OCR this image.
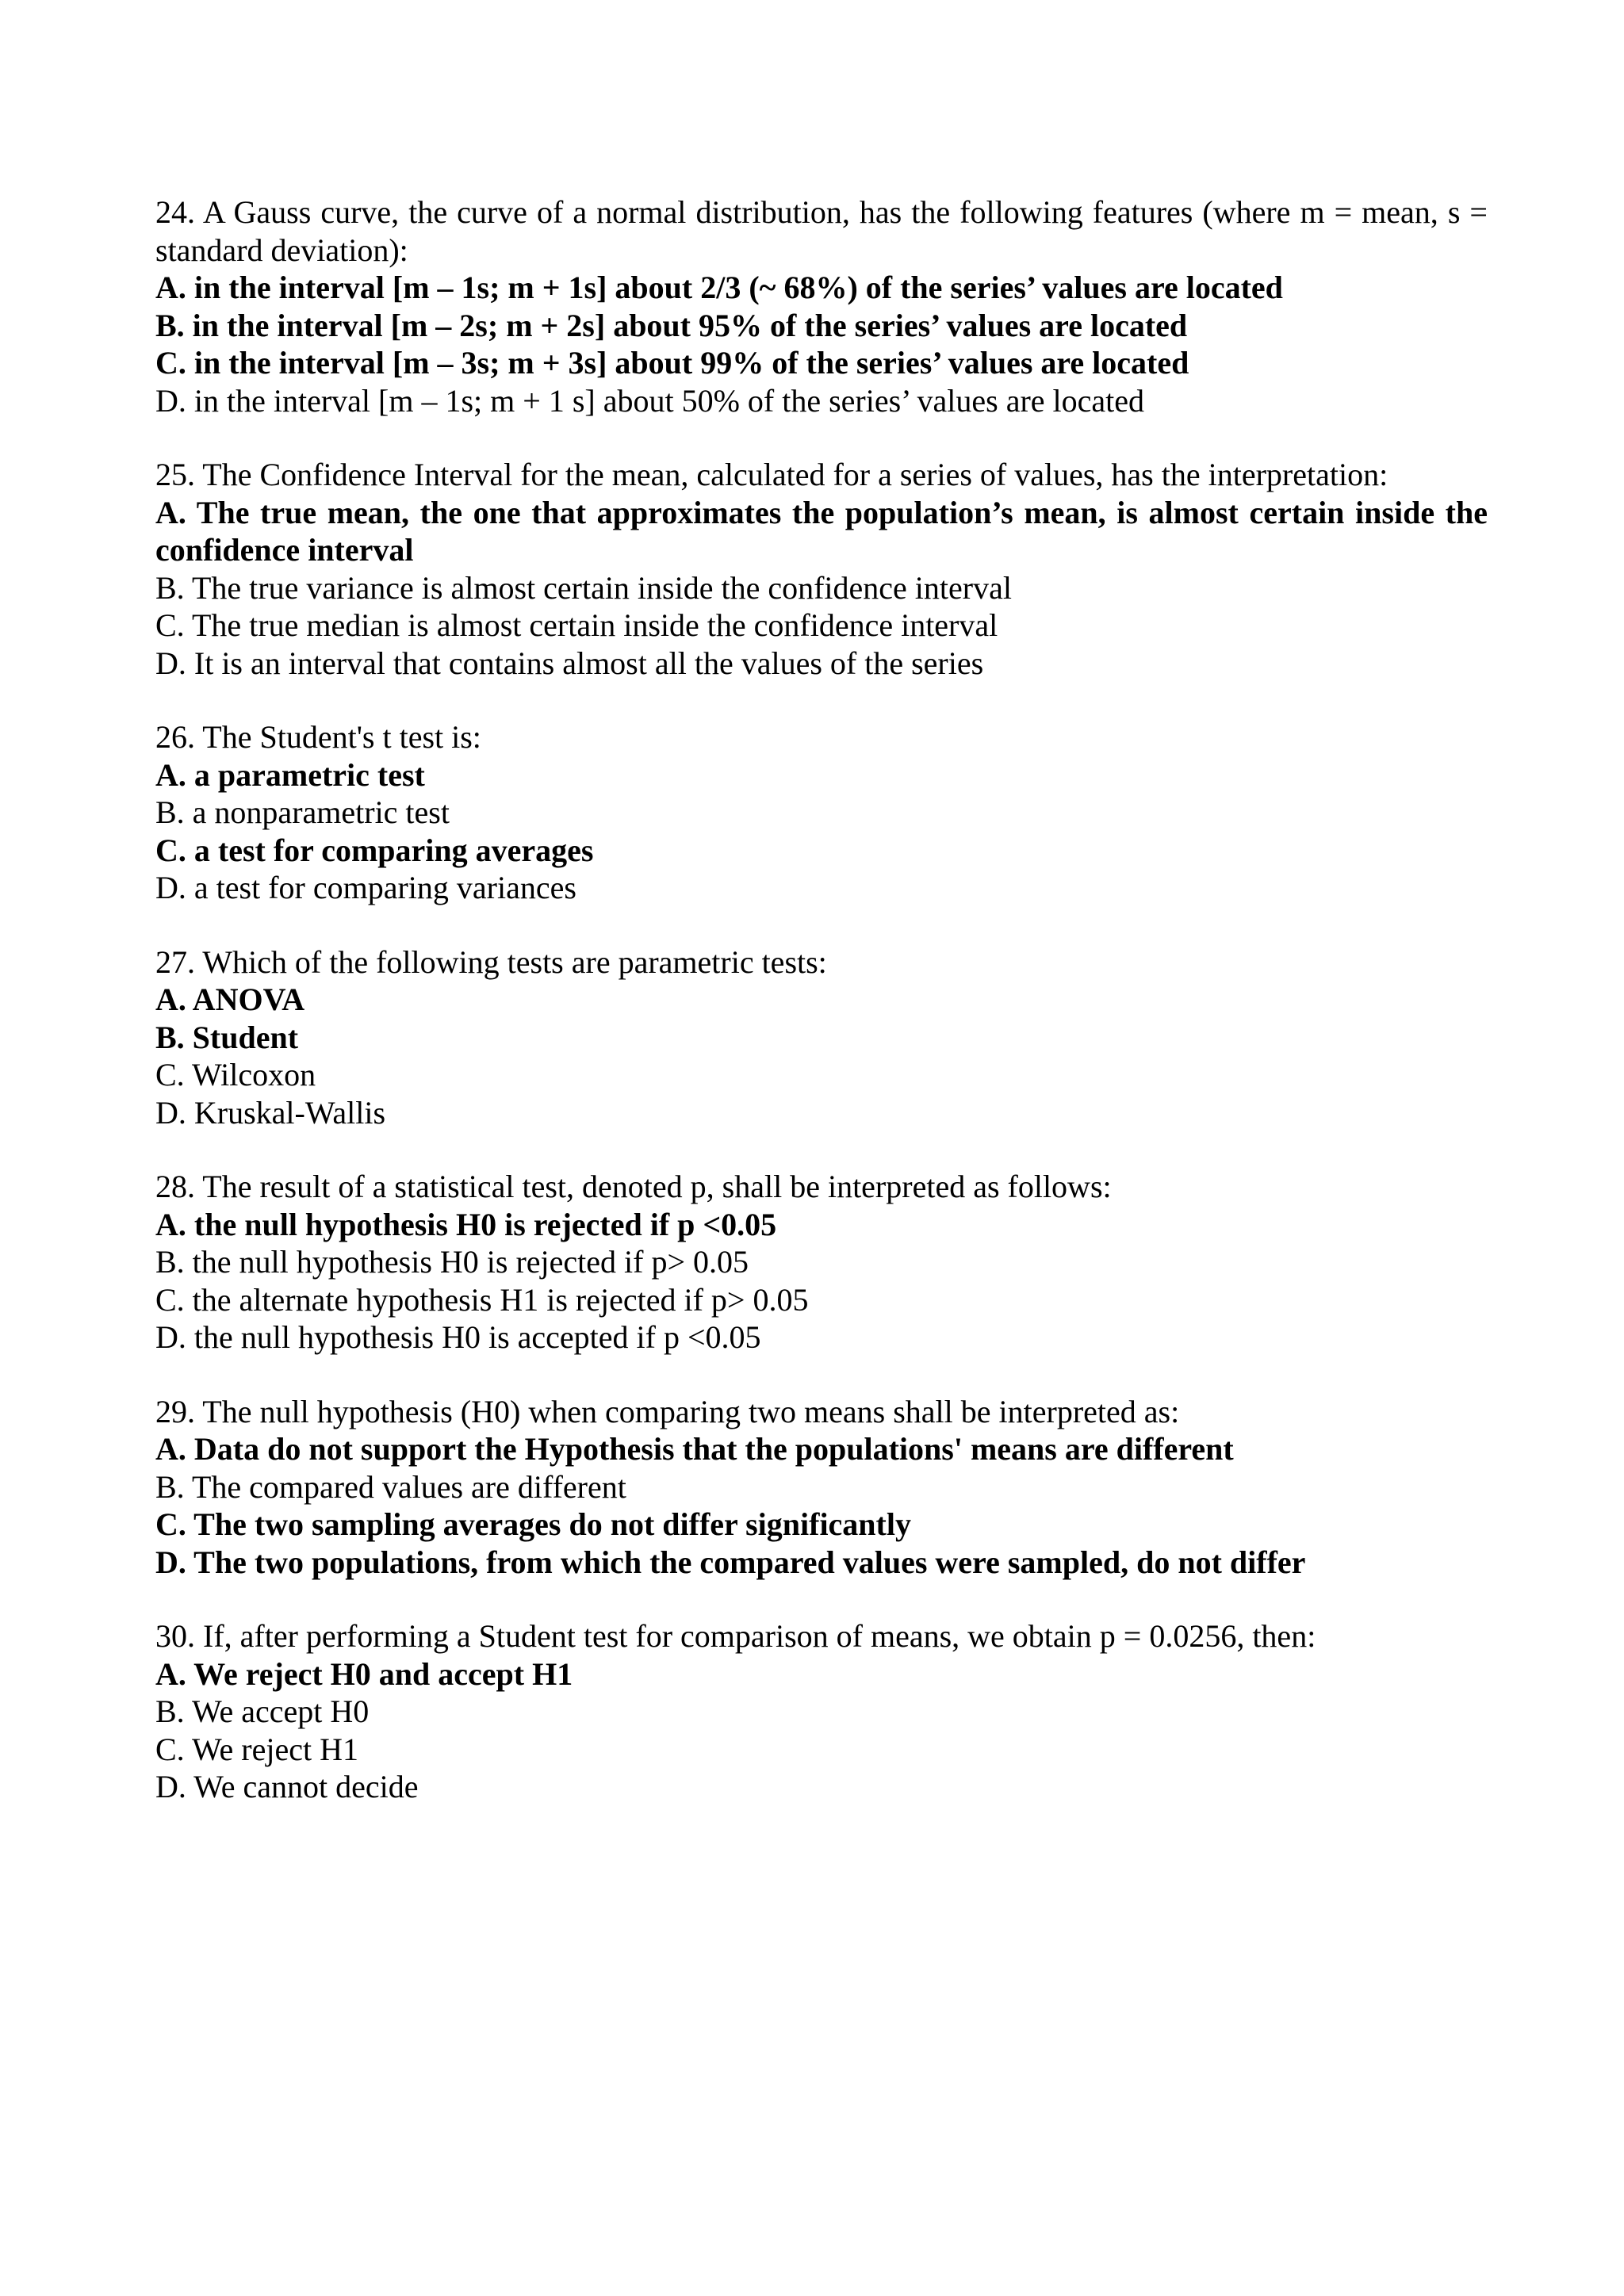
24. A Gauss curve, the curve of a normal distribution, has the following features (where m = mean, s = standard deviation):

A. in the interval [m – 1s; m + 1s] about 2/3 (~ 68%) of the series’ values are located

B. in the interval [m – 2s; m + 2s] about 95% of the series’ values are located

C. in the interval [m – 3s; m + 3s] about 99% of the series’ values are located

D. in the interval [m – 1s; m + 1 s] about 50% of the series’ values are located

25. The Confidence Interval for the mean, calculated for a series of values, has the interpretation:

A. The true mean, the one that approximates the population’s mean, is almost certain inside the confidence interval

B. The true variance is almost certain inside the confidence interval

C. The true median is almost certain inside the confidence interval

D. It is an interval that contains almost all the values of the series

26. The Student's t test is:

A. a parametric test

B. a nonparametric test

C. a test for comparing averages

D. a test for comparing variances

27. Which of the following tests are parametric tests:

A. ANOVA

B. Student

C. Wilcoxon

D. Kruskal-Wallis

28. The result of a statistical test, denoted p, shall be interpreted as follows:

A. the null hypothesis H0 is rejected if p <0.05

B. the null hypothesis H0 is rejected if p> 0.05

C. the alternate hypothesis H1 is rejected if p> 0.05

D. the null hypothesis H0 is accepted if p <0.05

29. The null hypothesis (H0) when comparing two means shall be interpreted as:

A. Data do not support the Hypothesis that the populations' means are different

B. The compared values are different

C. The two sampling averages do not differ significantly

D. The two populations, from which the compared values were sampled, do not differ

30. If, after performing a Student test for comparison of means, we obtain p = 0.0256, then:

A. We reject H0 and accept H1

B. We accept H0

C. We reject H1

D. We cannot decide
